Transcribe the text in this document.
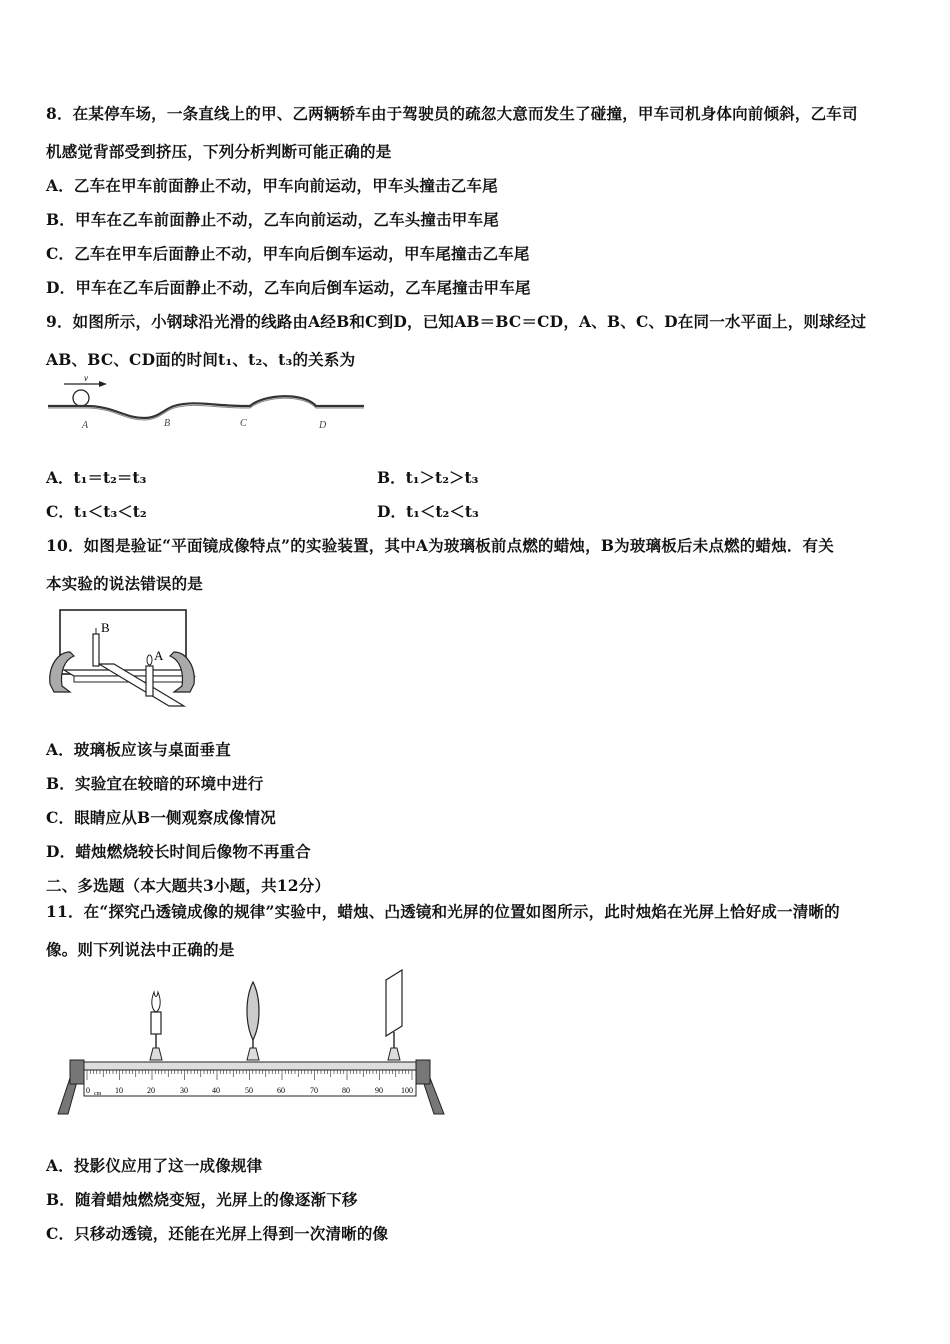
8．在某停车场，一条直线上的甲、乙两辆轿车由于驾驶员的疏忽大意而发生了碰撞，甲车司机身体向前倾斜，乙车司
机感觉背部受到挤压，下列分析判断可能正确的是
A．乙车在甲车前面静止不动，甲车向前运动，甲车头撞击乙车尾
B．甲车在乙车前面静止不动，乙车向前运动，乙车头撞击甲车尾
C．乙车在甲车后面静止不动，甲车向后倒车运动，甲车尾撞击乙车尾
D．甲车在乙车后面静止不动，乙车向后倒车运动，乙车尾撞击甲车尾
9．如图所示，小钢球沿光滑的线路由A经B和C到D，已知AB＝BC＝CD，A、B、C、D在同一水平面上，则球经过
AB、BC、CD面的时间t₁、t₂、t₃的关系为
v
A	B	C	D
A．t₁＝t₂＝t₃	B．t₁＞t₂＞t₃
C．t₁＜t₃＜t₂	D．t₁＜t₂＜t₃
10．如图是验证“平面镜成像特点”的实验装置，其中A为玻璃板前点燃的蜡烛，B为玻璃板后未点燃的蜡烛．有关
本实验的说法错误的是
B
A
A．玻璃板应该与桌面垂直
B．实验宜在较暗的环境中进行
C．眼睛应从B一侧观察成像情况
D．蜡烛燃烧较长时间后像物不再重合
二、多选题（本大题共3小题，共12分）
11．在“探究凸透镜成像的规律”实验中，蜡烛、凸透镜和光屏的位置如图所示，此时烛焰在光屏上恰好成一清晰的
像。则下列说法中正确的是
0 cm 10	20	30	40	50	60	70	80	90 100
A．投影仪应用了这一成像规律
B．随着蜡烛燃烧变短，光屏上的像逐渐下移
C．只移动透镜，还能在光屏上得到一次清晰的像
